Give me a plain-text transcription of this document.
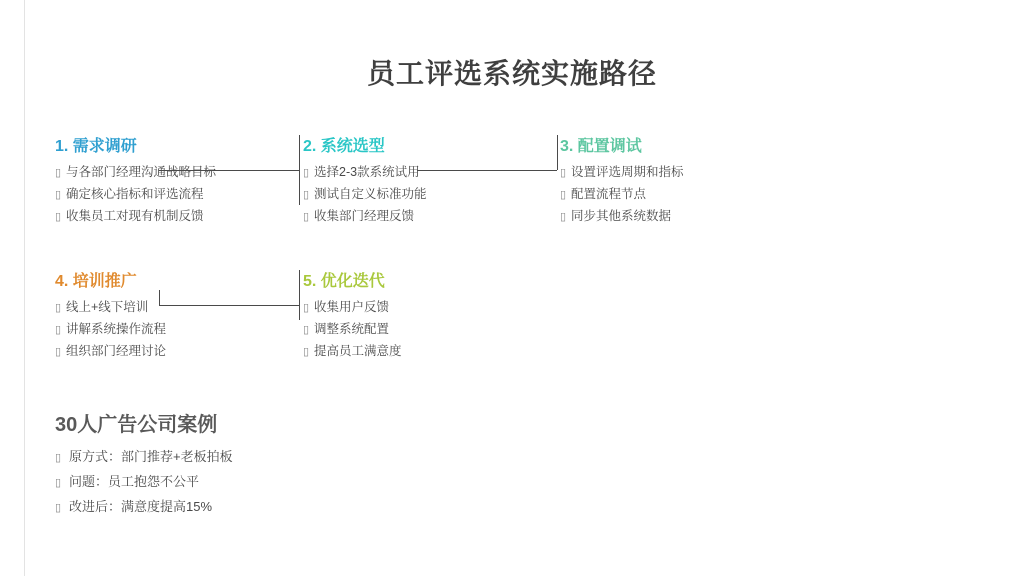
员工评选系统实施路径
1. 需求调研
▯ 与各部门经理沟通战略目标
▯ 确定核心指标和评选流程
▯ 收集员工对现有机制反馈
2. 系统选型
▯ 选择2-3款系统试用
▯ 测试自定义标准功能
▯ 收集部门经理反馈
3. 配置调试
▯ 设置评选周期和指标
▯ 配置流程节点
▯ 同步其他系统数据
4. 培训推广
▯ 线上+线下培训
▯ 讲解系统操作流程
▯ 组织部门经理讨论
5. 优化迭代
▯ 收集用户反馈
▯ 调整系统配置
▯ 提高员工满意度
30人广告公司案例
▯ 原方式：部门推荐+老板拍板
▯ 问题：员工抱怨不公平
▯ 改进后：满意度提高15%
